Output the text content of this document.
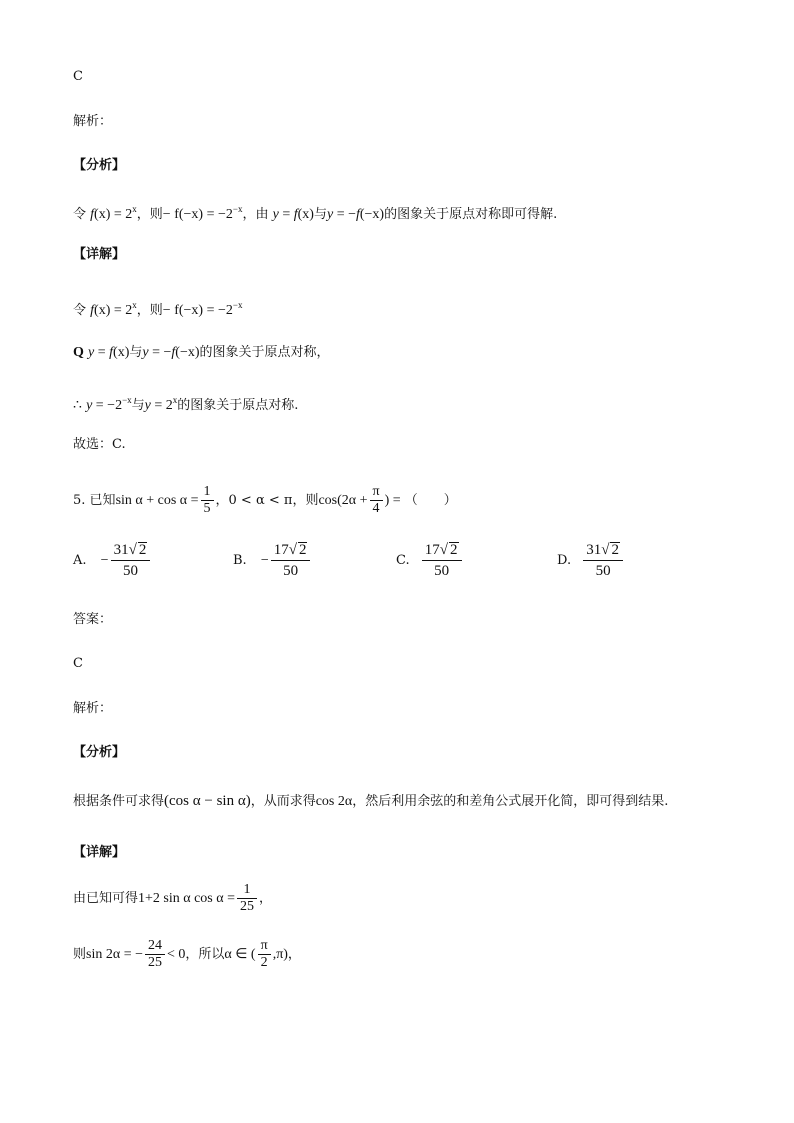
C
解析：
【分析】
令 $f(x) = 2^x$，则− $f(-x) = -2^{-x}$，由 y = f(x)与y = −f(−x)的图象关于原点对称即可得解.
【详解】
令 $f(x) = 2^x$，则− $f(-x) = -2^{-x}$
Q y = f(x)与y = −f(−x)的图象关于原点对称，
∴ $y = -2^{-x}$与$y = 2^x$的图象关于原点对称.
故选：C.
5. 已知$\sin \alpha + \cos \alpha = \frac{1}{5}$ ，0 < α < π，则$\cos(2\alpha + \frac{\pi}{4}$ ) = （　　）
A. − $\frac{31√ 2}{50}$	B. − $\frac{17√ 2}{50}$	C. $\frac{17√ 2}{50}$	D. $\frac{31√ 2}{50}$
答案：
C
解析：
【分析】
根据条件可求得(cos α − sin α)，从而求得cos 2α，然后利用余弦的和差角公式展开化简，即可得到结果.
【详解】
由已知可得1+2 sin α $\cos \alpha = \frac{1}{25}$ ，
则sin 2α = − $\frac{24}{25} < 0$，所以α ∈ ( $\frac{\pi}{2} ,\pi$)，
